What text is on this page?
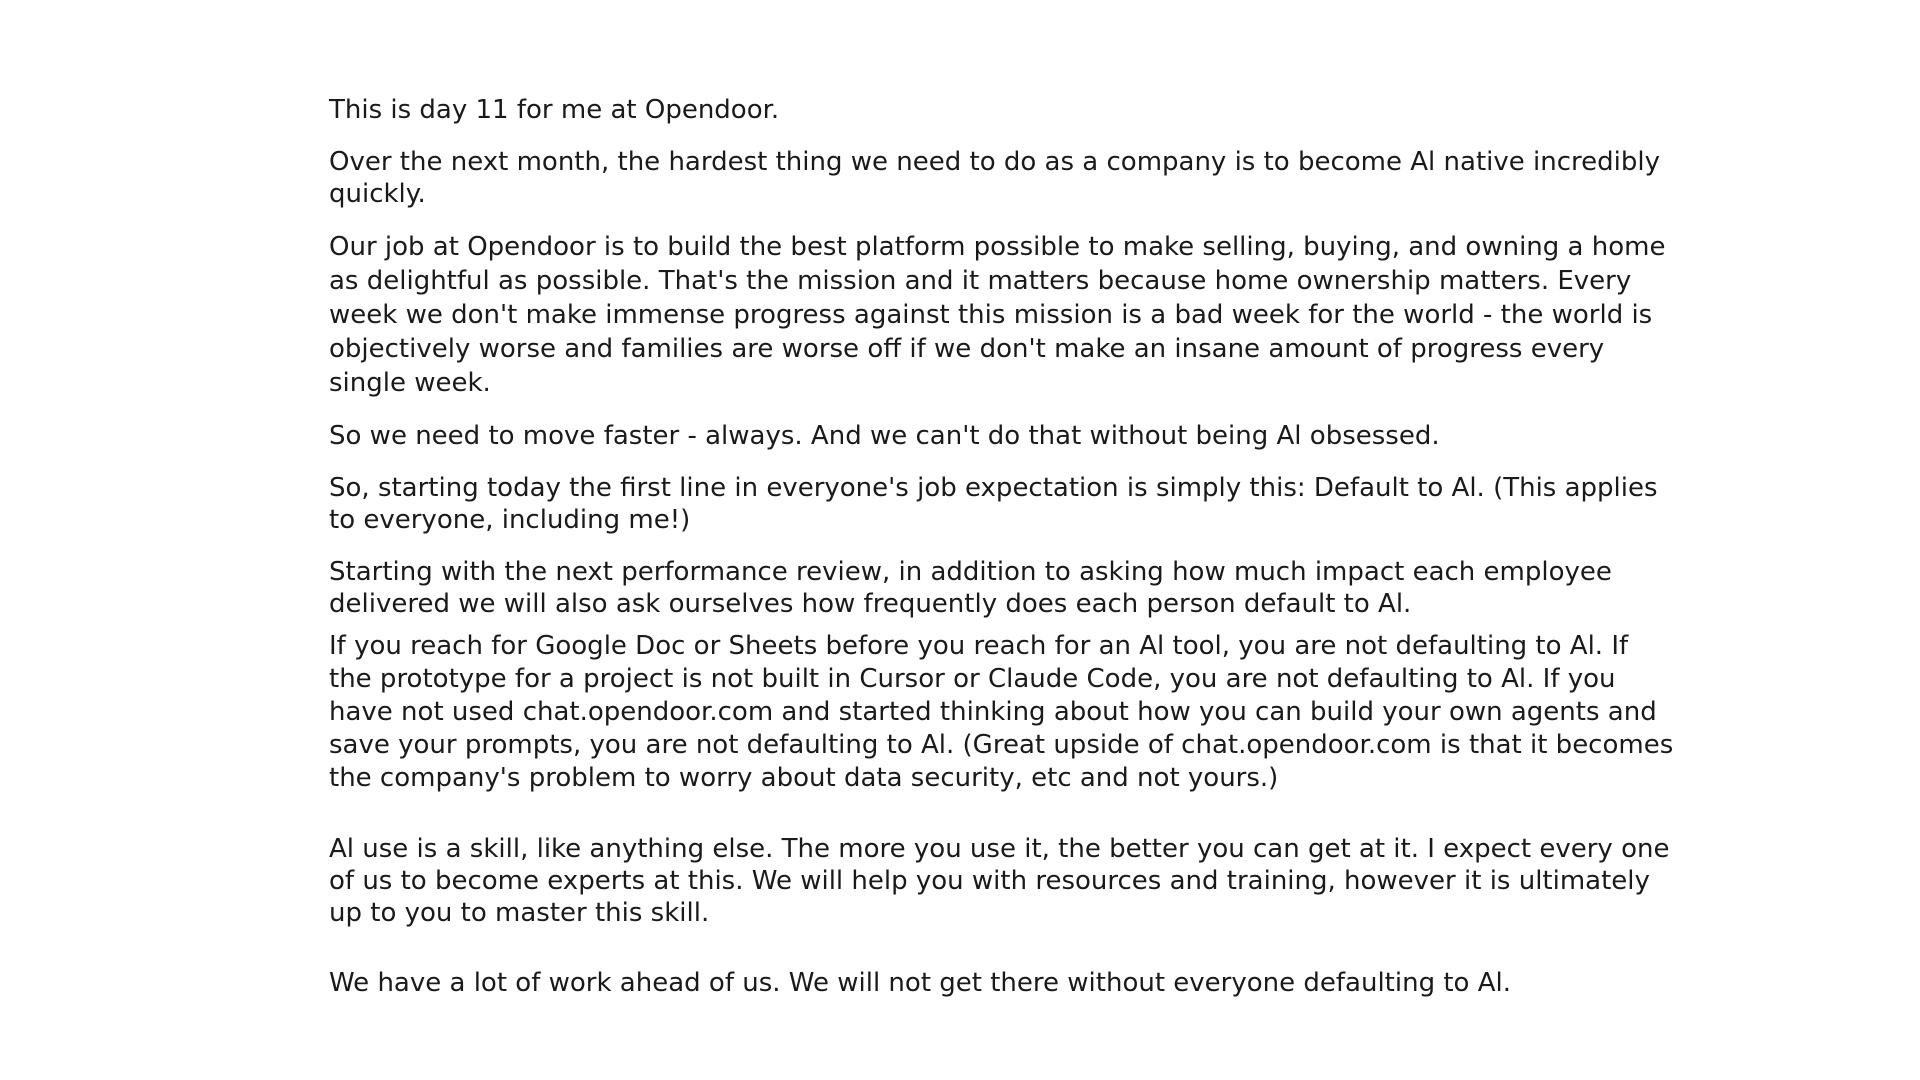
This is day 11 for me at Opendoor.

Over the next month, the hardest thing we need to do as a company is to become Al native incredibly quickly.

Our job at Opendoor is to build the best platform possible to make selling, buying, and owning a home as delightful as possible. That's the mission and it matters because home ownership matters. Every week we don't make immense progress against this mission is a bad week for the world - the world is objectively worse and families are worse off if we don't make an insane amount of progress every single week.

So we need to move faster - always. And we can't do that without being Al obsessed.

So, starting today the first line in everyone's job expectation is simply this: Default to Al. (This applies to everyone, including me!)

Starting with the next performance review, in addition to asking how much impact each employee delivered we will also ask ourselves how frequently does each person default to Al.

If you reach for Google Doc or Sheets before you reach for an Al tool, you are not defaulting to Al. If the prototype for a project is not built in Cursor or Claude Code, you are not defaulting to Al. If you have not used chat.opendoor.com and started thinking about how you can build your own agents and save your prompts, you are not defaulting to Al. (Great upside of chat.opendoor.com is that it becomes the company's problem to worry about data security, etc and not yours.)

Al use is a skill, like anything else. The more you use it, the better you can get at it. I expect every one of us to become experts at this. We will help you with resources and training, however it is ultimately up to you to master this skill.

We have a lot of work ahead of us. We will not get there without everyone defaulting to Al.
